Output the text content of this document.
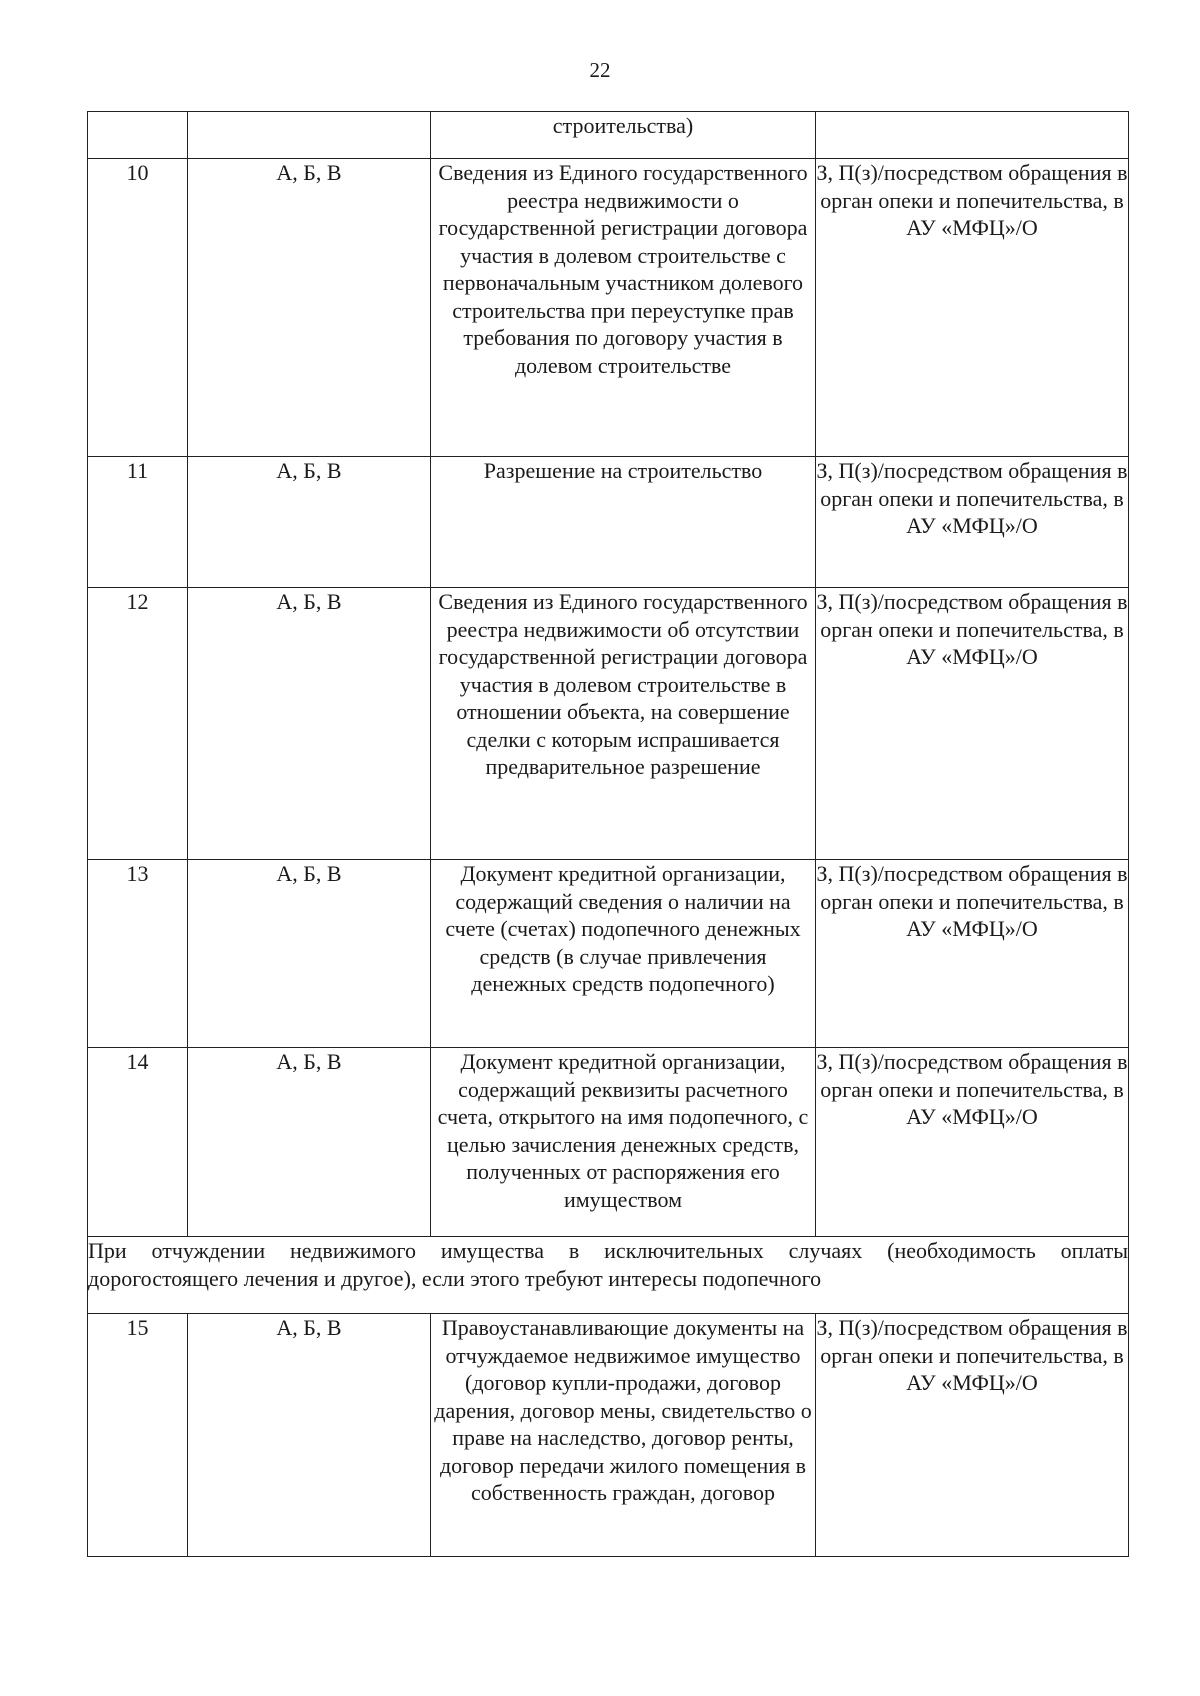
22
		строительства)	
10	А, Б, В	Сведения из Единого государственного реестра недвижимости о государственной регистрации договора участия в долевом строительстве с первоначальным участником долевого строительства при переуступке прав требования по договору участия в долевом строительстве	З, П(з)/посредством обращения в орган опеки и попечительства, в АУ «МФЦ»/О
11	А, Б, В	Разрешение на строительство	З, П(з)/посредством обращения в орган опеки и попечительства, в АУ «МФЦ»/О
12	А, Б, В	Сведения из Единого государственного реестра недвижимости об отсутствии государственной регистрации договора участия в долевом строительстве в отношении объекта, на совершение сделки с которым испрашивается предварительное разрешение	З, П(з)/посредством обращения в орган опеки и попечительства, в АУ «МФЦ»/О
13	А, Б, В	Документ кредитной организации, содержащий сведения о наличии на счете (счетах) подопечного денежных средств (в случае привлечения денежных средств подопечного)	З, П(з)/посредством обращения в орган опеки и попечительства, в АУ «МФЦ»/О
14	А, Б, В	Документ кредитной организации, содержащий реквизиты расчетного счета, открытого на имя подопечного, с целью зачисления денежных средств, полученных от распоряжения его имуществом	З, П(з)/посредством обращения в орган опеки и попечительства, в АУ «МФЦ»/О
При отчуждении недвижимого имущества в исключительных случаях (необходимость оплаты дорогостоящего лечения и другое), если этого требуют интересы подопечного			
15	А, Б, В	Правоустанавливающие документы на отчуждаемое недвижимое имущество (договор купли-продажи, договор дарения, договор мены, свидетельство о праве на наследство, договор ренты, договор передачи жилого помещения в собственность граждан, договор	З, П(з)/посредством обращения в орган опеки и попечительства, в АУ «МФЦ»/О
